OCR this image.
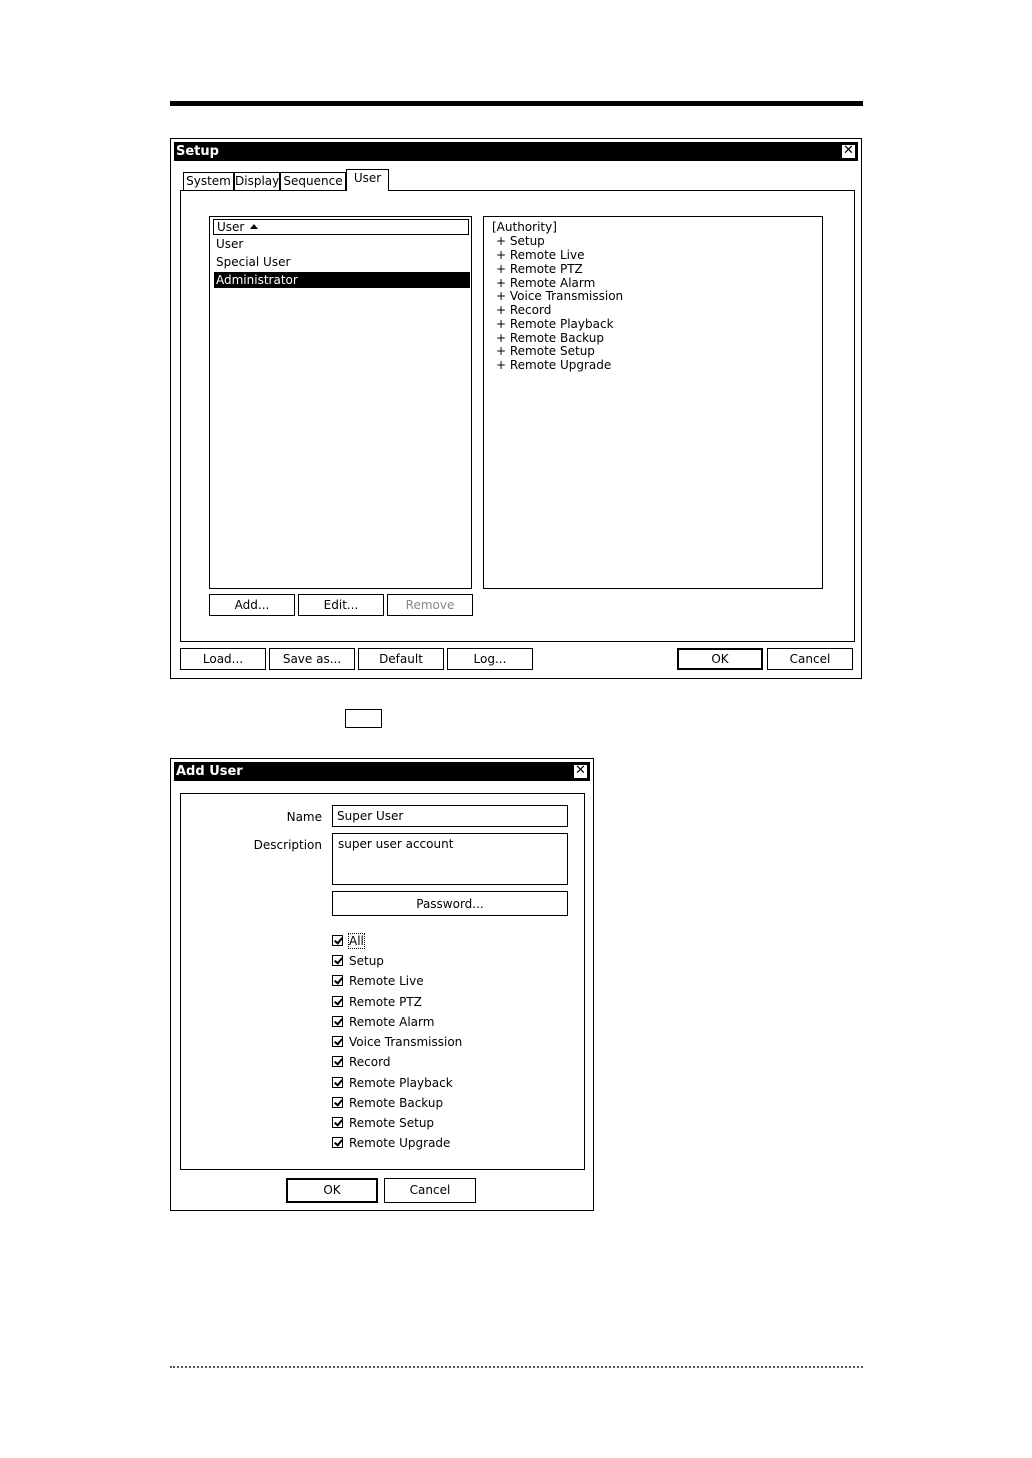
Setup	✕
System Display Sequence User
User
User
Special User
Administrator
[Authority]
+ Setup
+ Remote Live
+ Remote PTZ
+ Remote Alarm
+ Voice Transmission
+ Record
+ Remote Playback
+ Remote Backup
+ Remote Setup
+ Remote Upgrade
Add...	Edit...	Remove
Load...	Save as...	Default	Log...	OK	Cancel
Add User	✕
Name	Super User
Description	super user account
Password...
All
Setup
Remote Live
Remote PTZ
Remote Alarm
Voice Transmission
Record
Remote Playback
Remote Backup
Remote Setup
Remote Upgrade
OK	Cancel
